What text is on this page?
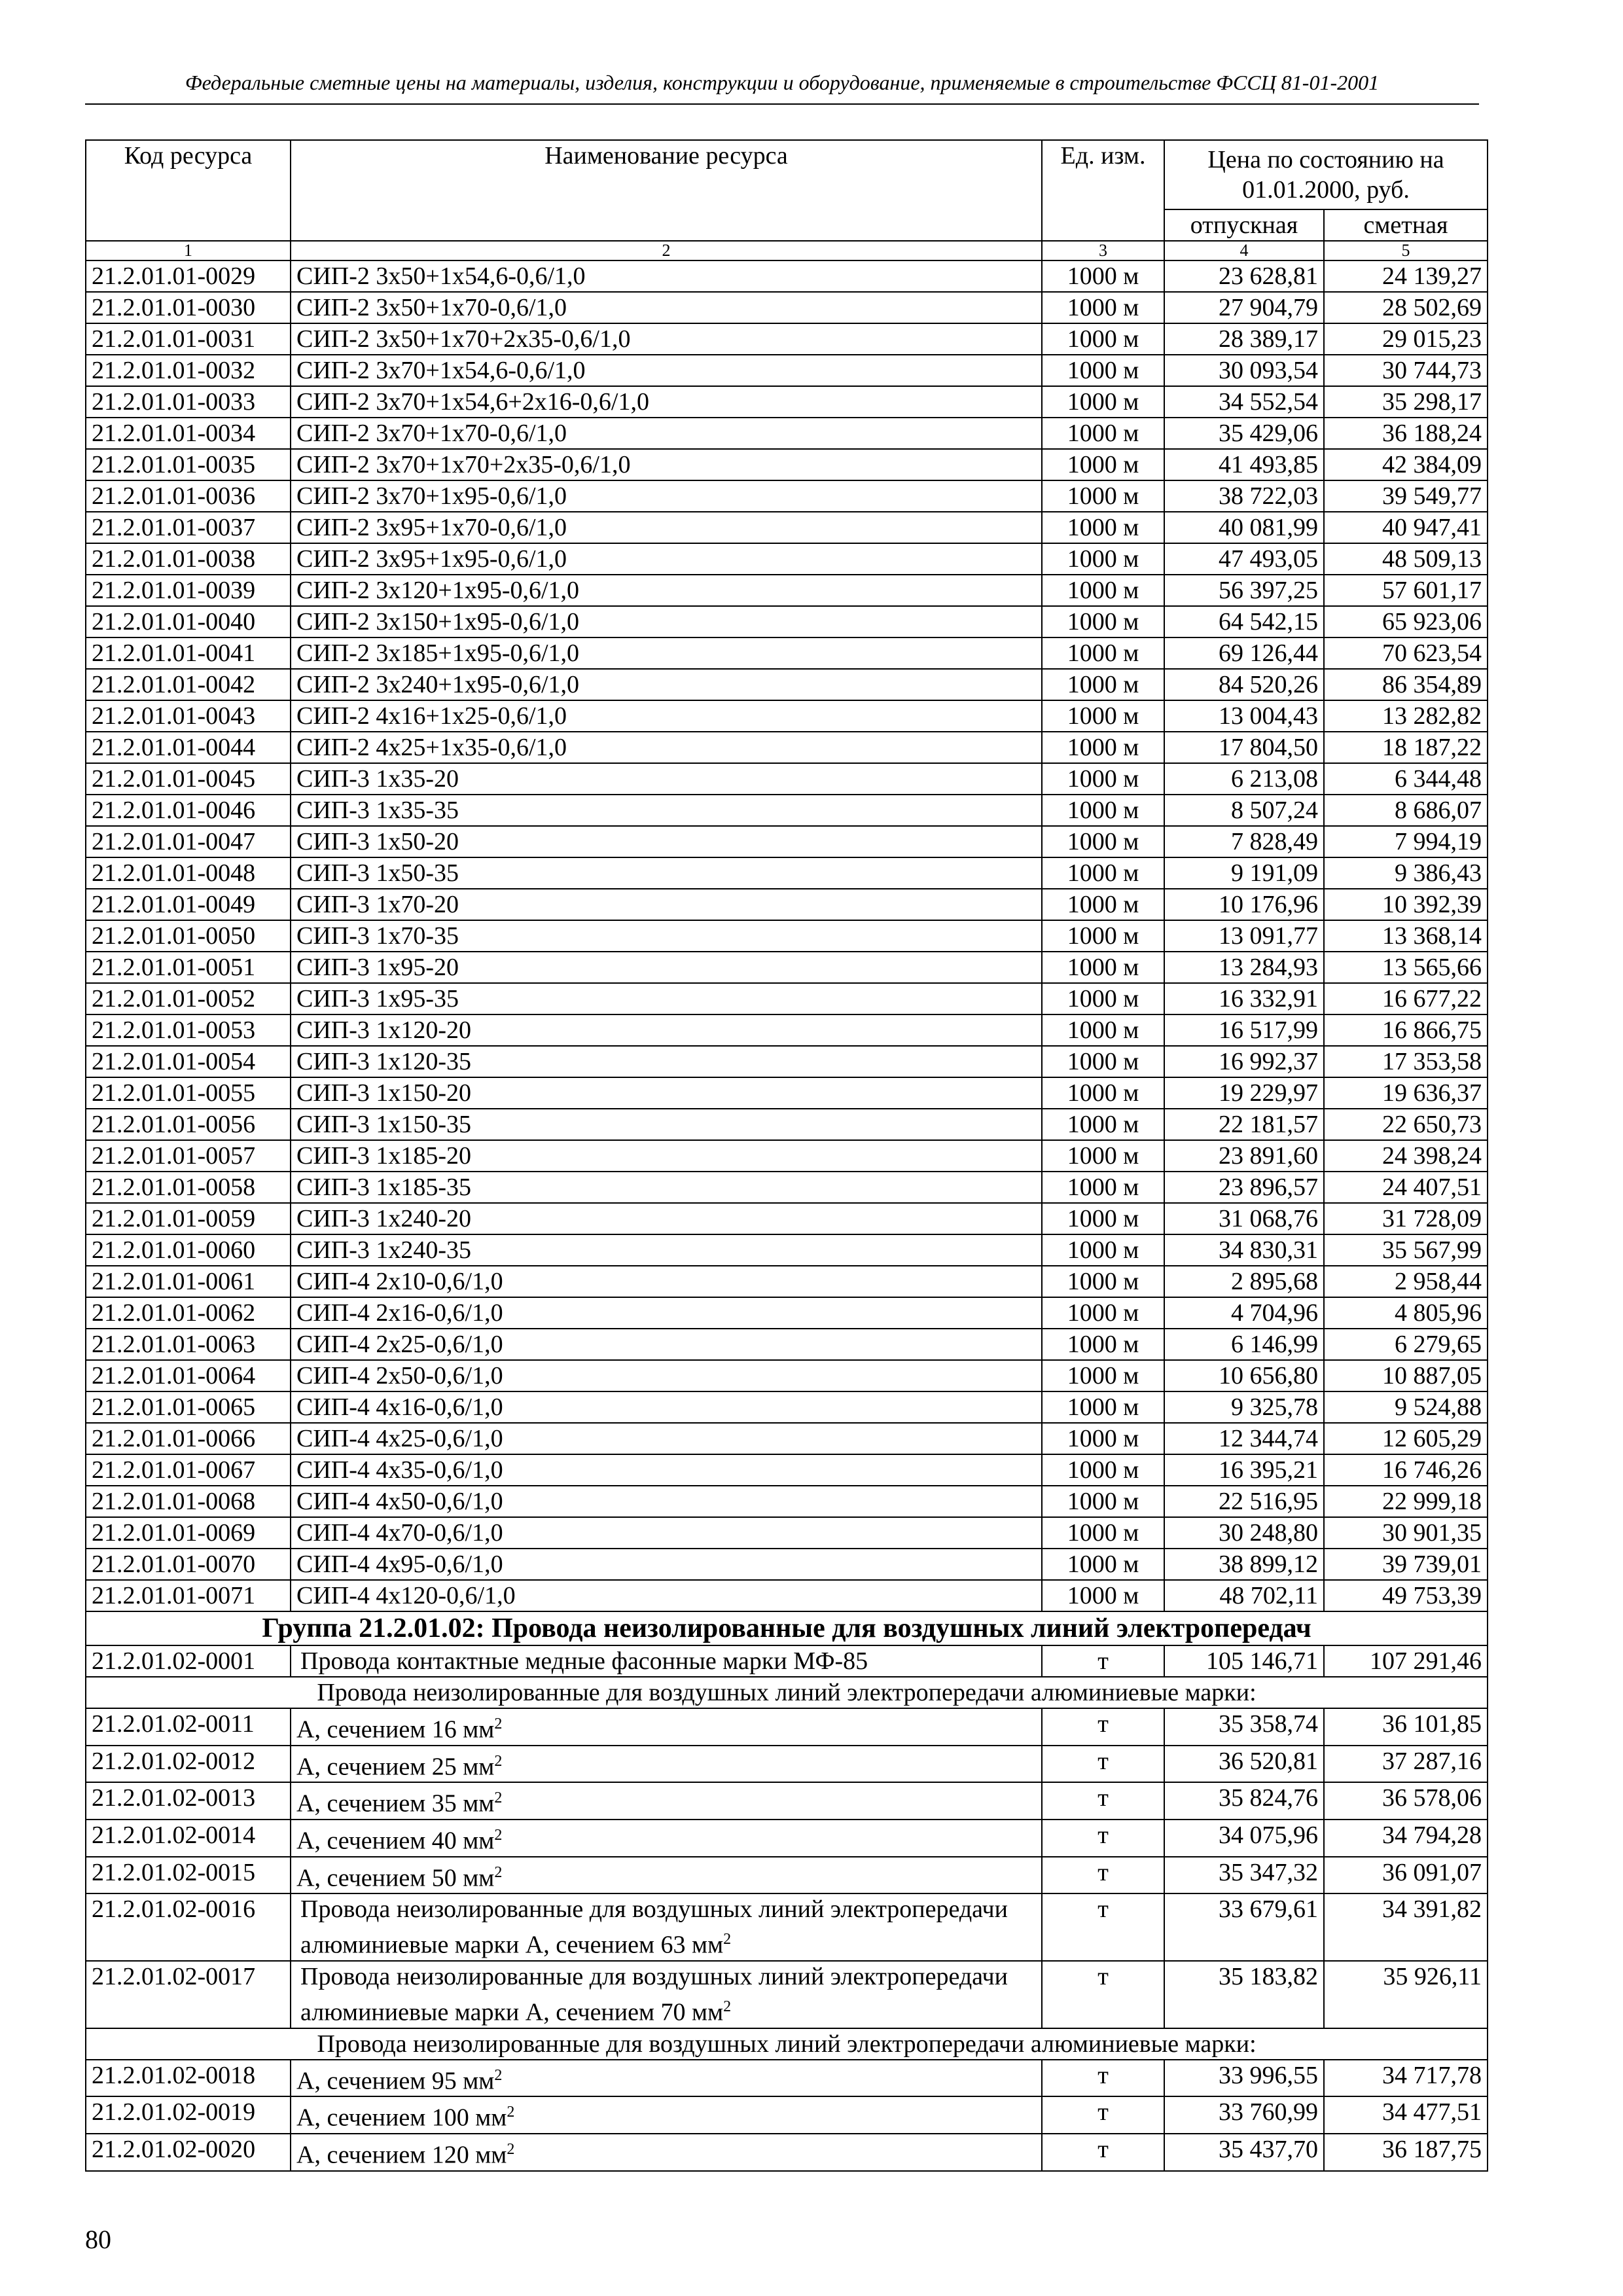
Федеральные сметные цены на материалы, изделия, конструкции и оборудование, применяемые в строительстве ФССЦ 81-01-2001
Код ресурса	Наименование ресурса	Ед. изм.	Цена по состоянию на 01.01.2000, руб.	
			отпускная	сметная
1	2	3	4	5
21.2.01.01-0029	СИП-2 3х50+1х54,6-0,6/1,0	1000 м	23 628,81	24 139,27
21.2.01.01-0030	СИП-2 3х50+1х70-0,6/1,0	1000 м	27 904,79	28 502,69
21.2.01.01-0031	СИП-2 3х50+1х70+2х35-0,6/1,0	1000 м	28 389,17	29 015,23
21.2.01.01-0032	СИП-2 3х70+1х54,6-0,6/1,0	1000 м	30 093,54	30 744,73
21.2.01.01-0033	СИП-2 3х70+1х54,6+2х16-0,6/1,0	1000 м	34 552,54	35 298,17
21.2.01.01-0034	СИП-2 3х70+1х70-0,6/1,0	1000 м	35 429,06	36 188,24
21.2.01.01-0035	СИП-2 3х70+1х70+2х35-0,6/1,0	1000 м	41 493,85	42 384,09
21.2.01.01-0036	СИП-2 3х70+1х95-0,6/1,0	1000 м	38 722,03	39 549,77
21.2.01.01-0037	СИП-2 3х95+1х70-0,6/1,0	1000 м	40 081,99	40 947,41
21.2.01.01-0038	СИП-2 3х95+1х95-0,6/1,0	1000 м	47 493,05	48 509,13
21.2.01.01-0039	СИП-2 3х120+1х95-0,6/1,0	1000 м	56 397,25	57 601,17
21.2.01.01-0040	СИП-2 3х150+1х95-0,6/1,0	1000 м	64 542,15	65 923,06
21.2.01.01-0041	СИП-2 3х185+1х95-0,6/1,0	1000 м	69 126,44	70 623,54
21.2.01.01-0042	СИП-2 3х240+1х95-0,6/1,0	1000 м	84 520,26	86 354,89
21.2.01.01-0043	СИП-2 4х16+1х25-0,6/1,0	1000 м	13 004,43	13 282,82
21.2.01.01-0044	СИП-2 4х25+1х35-0,6/1,0	1000 м	17 804,50	18 187,22
21.2.01.01-0045	СИП-3 1х35-20	1000 м	6 213,08	6 344,48
21.2.01.01-0046	СИП-3 1х35-35	1000 м	8 507,24	8 686,07
21.2.01.01-0047	СИП-3 1х50-20	1000 м	7 828,49	7 994,19
21.2.01.01-0048	СИП-3 1х50-35	1000 м	9 191,09	9 386,43
21.2.01.01-0049	СИП-3 1х70-20	1000 м	10 176,96	10 392,39
21.2.01.01-0050	СИП-3 1х70-35	1000 м	13 091,77	13 368,14
21.2.01.01-0051	СИП-3 1х95-20	1000 м	13 284,93	13 565,66
21.2.01.01-0052	СИП-3 1х95-35	1000 м	16 332,91	16 677,22
21.2.01.01-0053	СИП-3 1х120-20	1000 м	16 517,99	16 866,75
21.2.01.01-0054	СИП-3 1х120-35	1000 м	16 992,37	17 353,58
21.2.01.01-0055	СИП-3 1х150-20	1000 м	19 229,97	19 636,37
21.2.01.01-0056	СИП-3 1х150-35	1000 м	22 181,57	22 650,73
21.2.01.01-0057	СИП-3 1х185-20	1000 м	23 891,60	24 398,24
21.2.01.01-0058	СИП-3 1х185-35	1000 м	23 896,57	24 407,51
21.2.01.01-0059	СИП-3 1х240-20	1000 м	31 068,76	31 728,09
21.2.01.01-0060	СИП-3 1х240-35	1000 м	34 830,31	35 567,99
21.2.01.01-0061	СИП-4 2х10-0,6/1,0	1000 м	2 895,68	2 958,44
21.2.01.01-0062	СИП-4 2х16-0,6/1,0	1000 м	4 704,96	4 805,96
21.2.01.01-0063	СИП-4 2х25-0,6/1,0	1000 м	6 146,99	6 279,65
21.2.01.01-0064	СИП-4 2х50-0,6/1,0	1000 м	10 656,80	10 887,05
21.2.01.01-0065	СИП-4 4х16-0,6/1,0	1000 м	9 325,78	9 524,88
21.2.01.01-0066	СИП-4 4х25-0,6/1,0	1000 м	12 344,74	12 605,29
21.2.01.01-0067	СИП-4 4х35-0,6/1,0	1000 м	16 395,21	16 746,26
21.2.01.01-0068	СИП-4 4х50-0,6/1,0	1000 м	22 516,95	22 999,18
21.2.01.01-0069	СИП-4 4х70-0,6/1,0	1000 м	30 248,80	30 901,35
21.2.01.01-0070	СИП-4 4х95-0,6/1,0	1000 м	38 899,12	39 739,01
21.2.01.01-0071	СИП-4 4х120-0,6/1,0	1000 м	48 702,11	49 753,39
Группа 21.2.01.02: Провода неизолированные для воздушных линий электропередач				
21.2.01.02-0001	Провода контактные медные фасонные марки МФ-85	т	105 146,71	107 291,46
Провода неизолированные для воздушных линий электропередачи алюминиевые марки:				
21.2.01.02-0011	А, сечением 16 $мм^2$	т	35 358,74	36 101,85
21.2.01.02-0012	А, сечением 25 $мм^2$	т	36 520,81	37 287,16
21.2.01.02-0013	А, сечением 35 $мм^2$	т	35 824,76	36 578,06
21.2.01.02-0014	А, сечением 40 $мм^2$	т	34 075,96	34 794,28
21.2.01.02-0015	А, сечением 50 $мм^2$	т	35 347,32	36 091,07
21.2.01.02-0016	Провода неизолированные для воздушных линий электропередачи алюминиевые марки А, сечением 63 $мм^2$	т	33 679,61	34 391,82
21.2.01.02-0017	Провода неизолированные для воздушных линий электропередачи алюминиевые марки А, сечением 70 $мм^2$	т	35 183,82	35 926,11
Провода неизолированные для воздушных линий электропередачи алюминиевые марки:				
21.2.01.02-0018	А, сечением 95 $мм^2$	т	33 996,55	34 717,78
21.2.01.02-0019	А, сечением 100 $мм^2$	т	33 760,99	34 477,51
21.2.01.02-0020	А, сечением 120 $мм^2$	т	35 437,70	36 187,75
80
